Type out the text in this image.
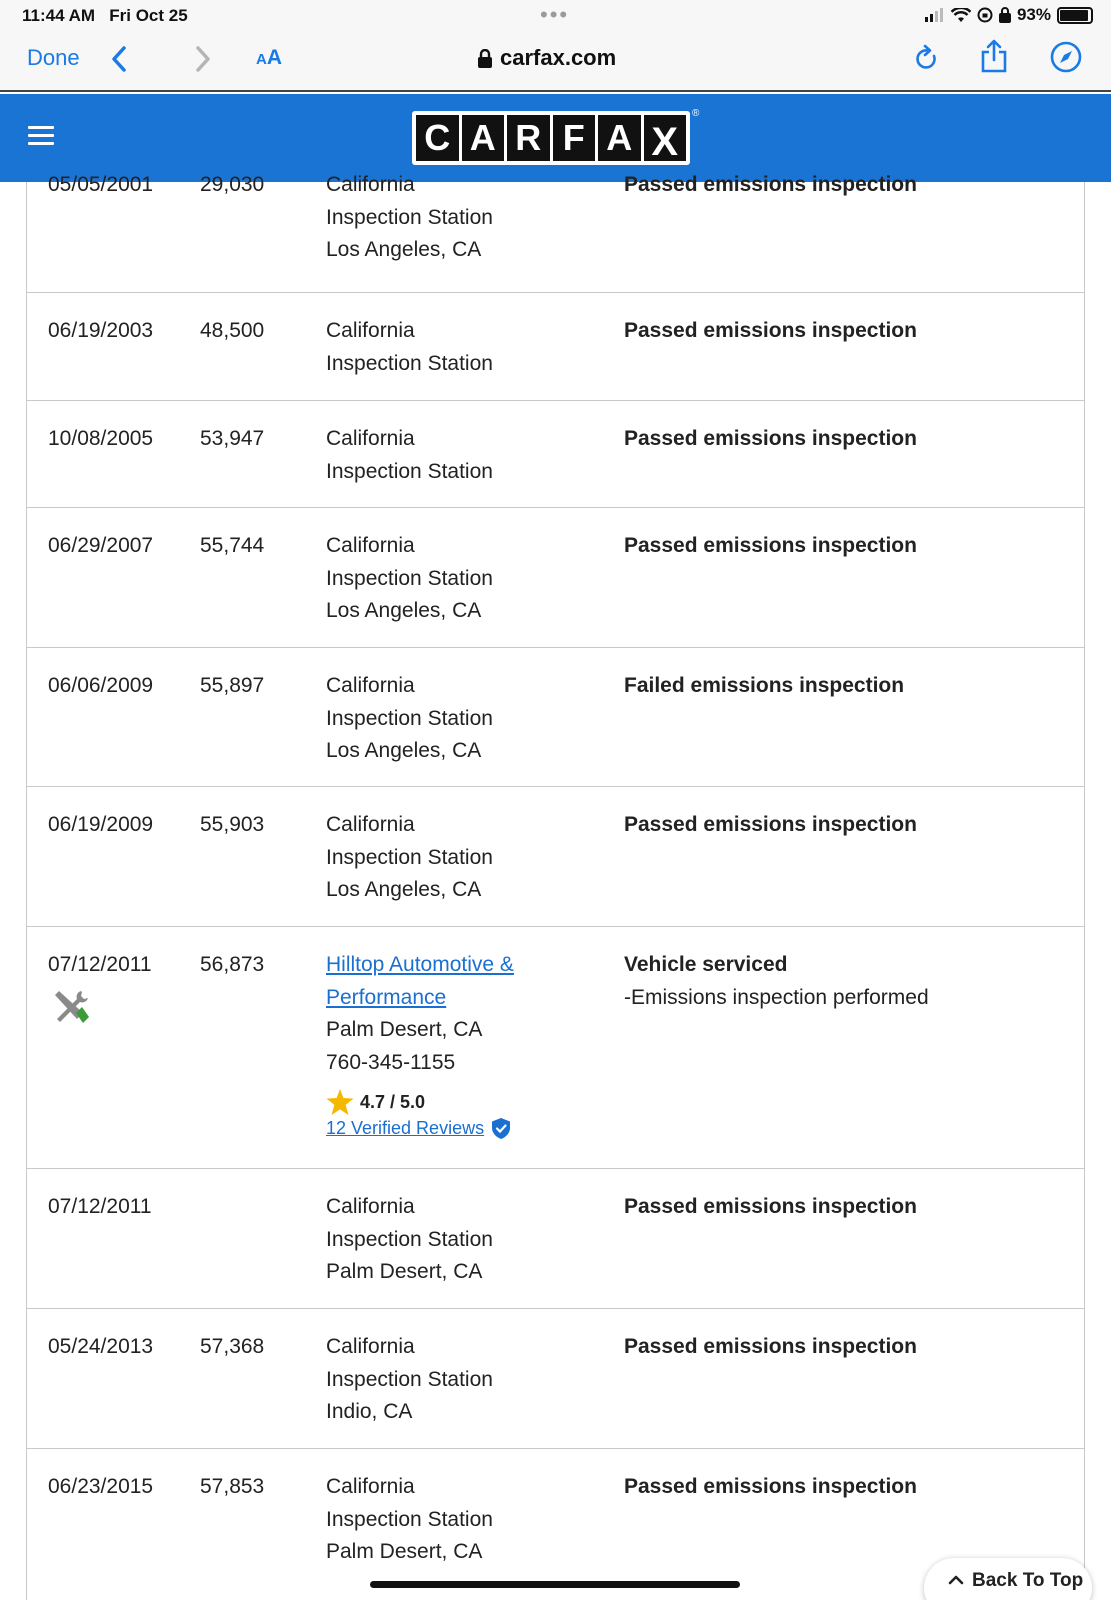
11:44 AM Fri Oct 25	•••	93%
Done	AA	carfax.com
C A R F A X
®
05/05/2001 29,030	California
Inspection Station
Los Angeles, CA
Passed emissions inspection
06/19/2003 48,500	California
Inspection Station
Passed emissions inspection
10/08/2005 53,947	California
Inspection Station
Passed emissions inspection
06/29/2007 55,744	California
Inspection Station
Los Angeles, CA
Passed emissions inspection
06/06/2009 55,897	California
Inspection Station
Los Angeles, CA
Failed emissions inspection
06/19/2009 55,903	California
Inspection Station
Los Angeles, CA
Passed emissions inspection
07/12/2011 56,873	Hilltop Automotive &
Performance
Palm Desert, CA
760-345-1155
4.7 / 5.0
12 Verified Reviews
Vehicle serviced
-Emissions inspection performed
07/12/2011	California
Inspection Station
Palm Desert, CA
Passed emissions inspection
05/24/2013 57,368	California
Inspection Station
Indio, CA
Passed emissions inspection
06/23/2015 57,853	California
Inspection Station
Palm Desert, CA
Passed emissions inspection
Back To Top
